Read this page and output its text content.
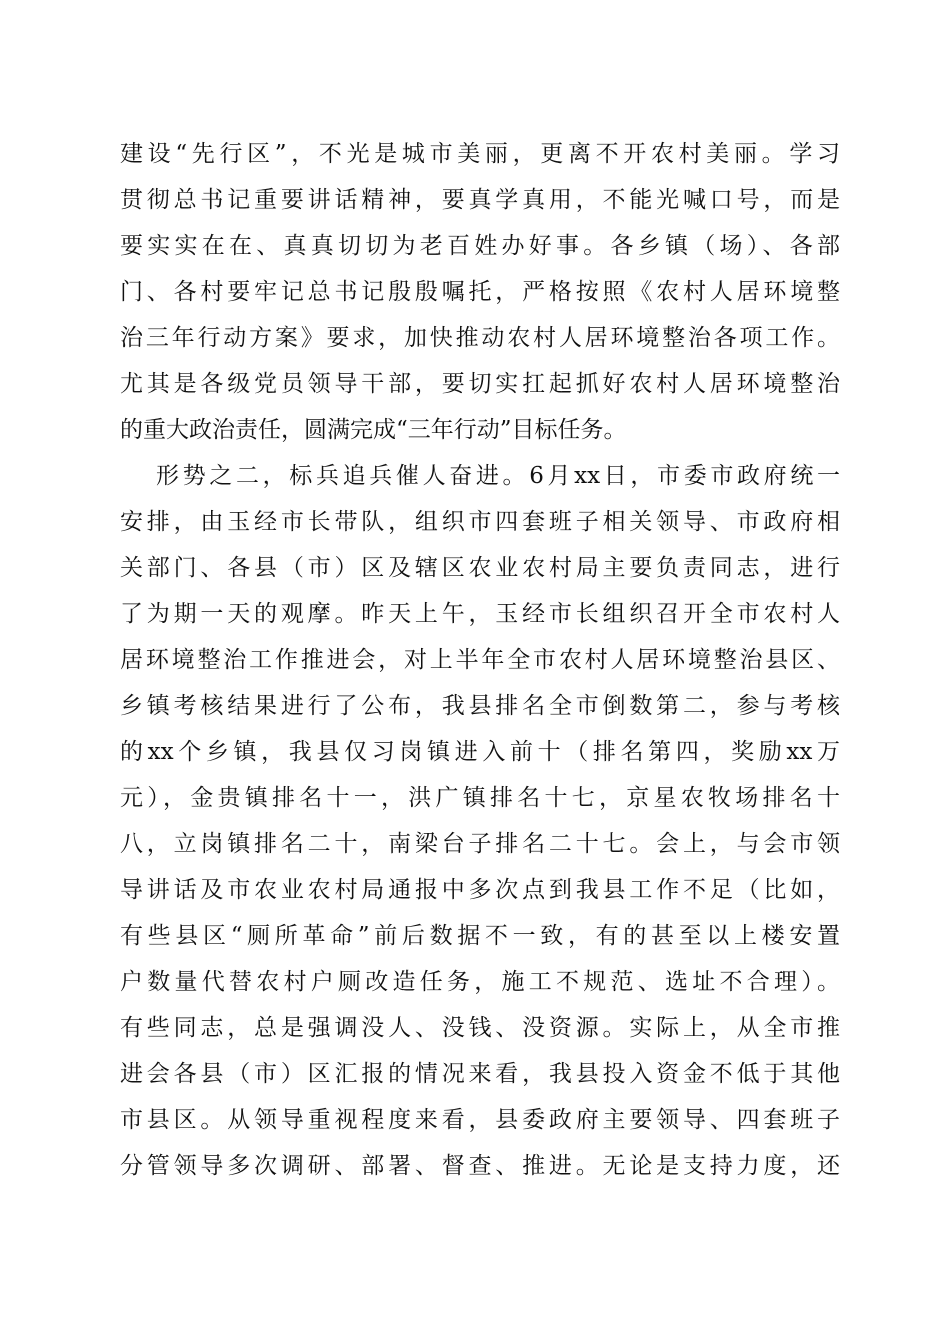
建设“先行区”，不光是城市美丽，更离不开农村美丽。学习
贯彻总书记重要讲话精神，要真学真用，不能光喊口号，而是
要实实在在、真真切切为老百姓办好事。各乡镇（场）、各部
门、各村要牢记总书记殷殷嘱托，严格按照《农村人居环境整
治三年行动方案》要求，加快推动农村人居环境整治各项工作。
尤其是各级党员领导干部，要切实扛起抓好农村人居环境整治
的重大政治责任，圆满完成“三年行动”目标任务。
形势之二，标兵追兵催人奋进。6月xx日，市委市政府统一
安排，由玉经市长带队，组织市四套班子相关领导、市政府相
关部门、各县（市）区及辖区农业农村局主要负责同志，进行
了为期一天的观摩。昨天上午，玉经市长组织召开全市农村人
居环境整治工作推进会，对上半年全市农村人居环境整治县区、
乡镇考核结果进行了公布，我县排名全市倒数第二，参与考核
的xx个乡镇，我县仅习岗镇进入前十（排名第四，奖励xx万
元），金贵镇排名十一，洪广镇排名十七，京星农牧场排名十
八，立岗镇排名二十，南梁台子排名二十七。会上，与会市领
导讲话及市农业农村局通报中多次点到我县工作不足（比如，
有些县区“厕所革命”前后数据不一致，有的甚至以上楼安置
户数量代替农村户厕改造任务，施工不规范、选址不合理）。
有些同志，总是强调没人、没钱、没资源。实际上，从全市推
进会各县（市）区汇报的情况来看，我县投入资金不低于其他
市县区。从领导重视程度来看，县委政府主要领导、四套班子
分管领导多次调研、部署、督查、推进。无论是支持力度，还
